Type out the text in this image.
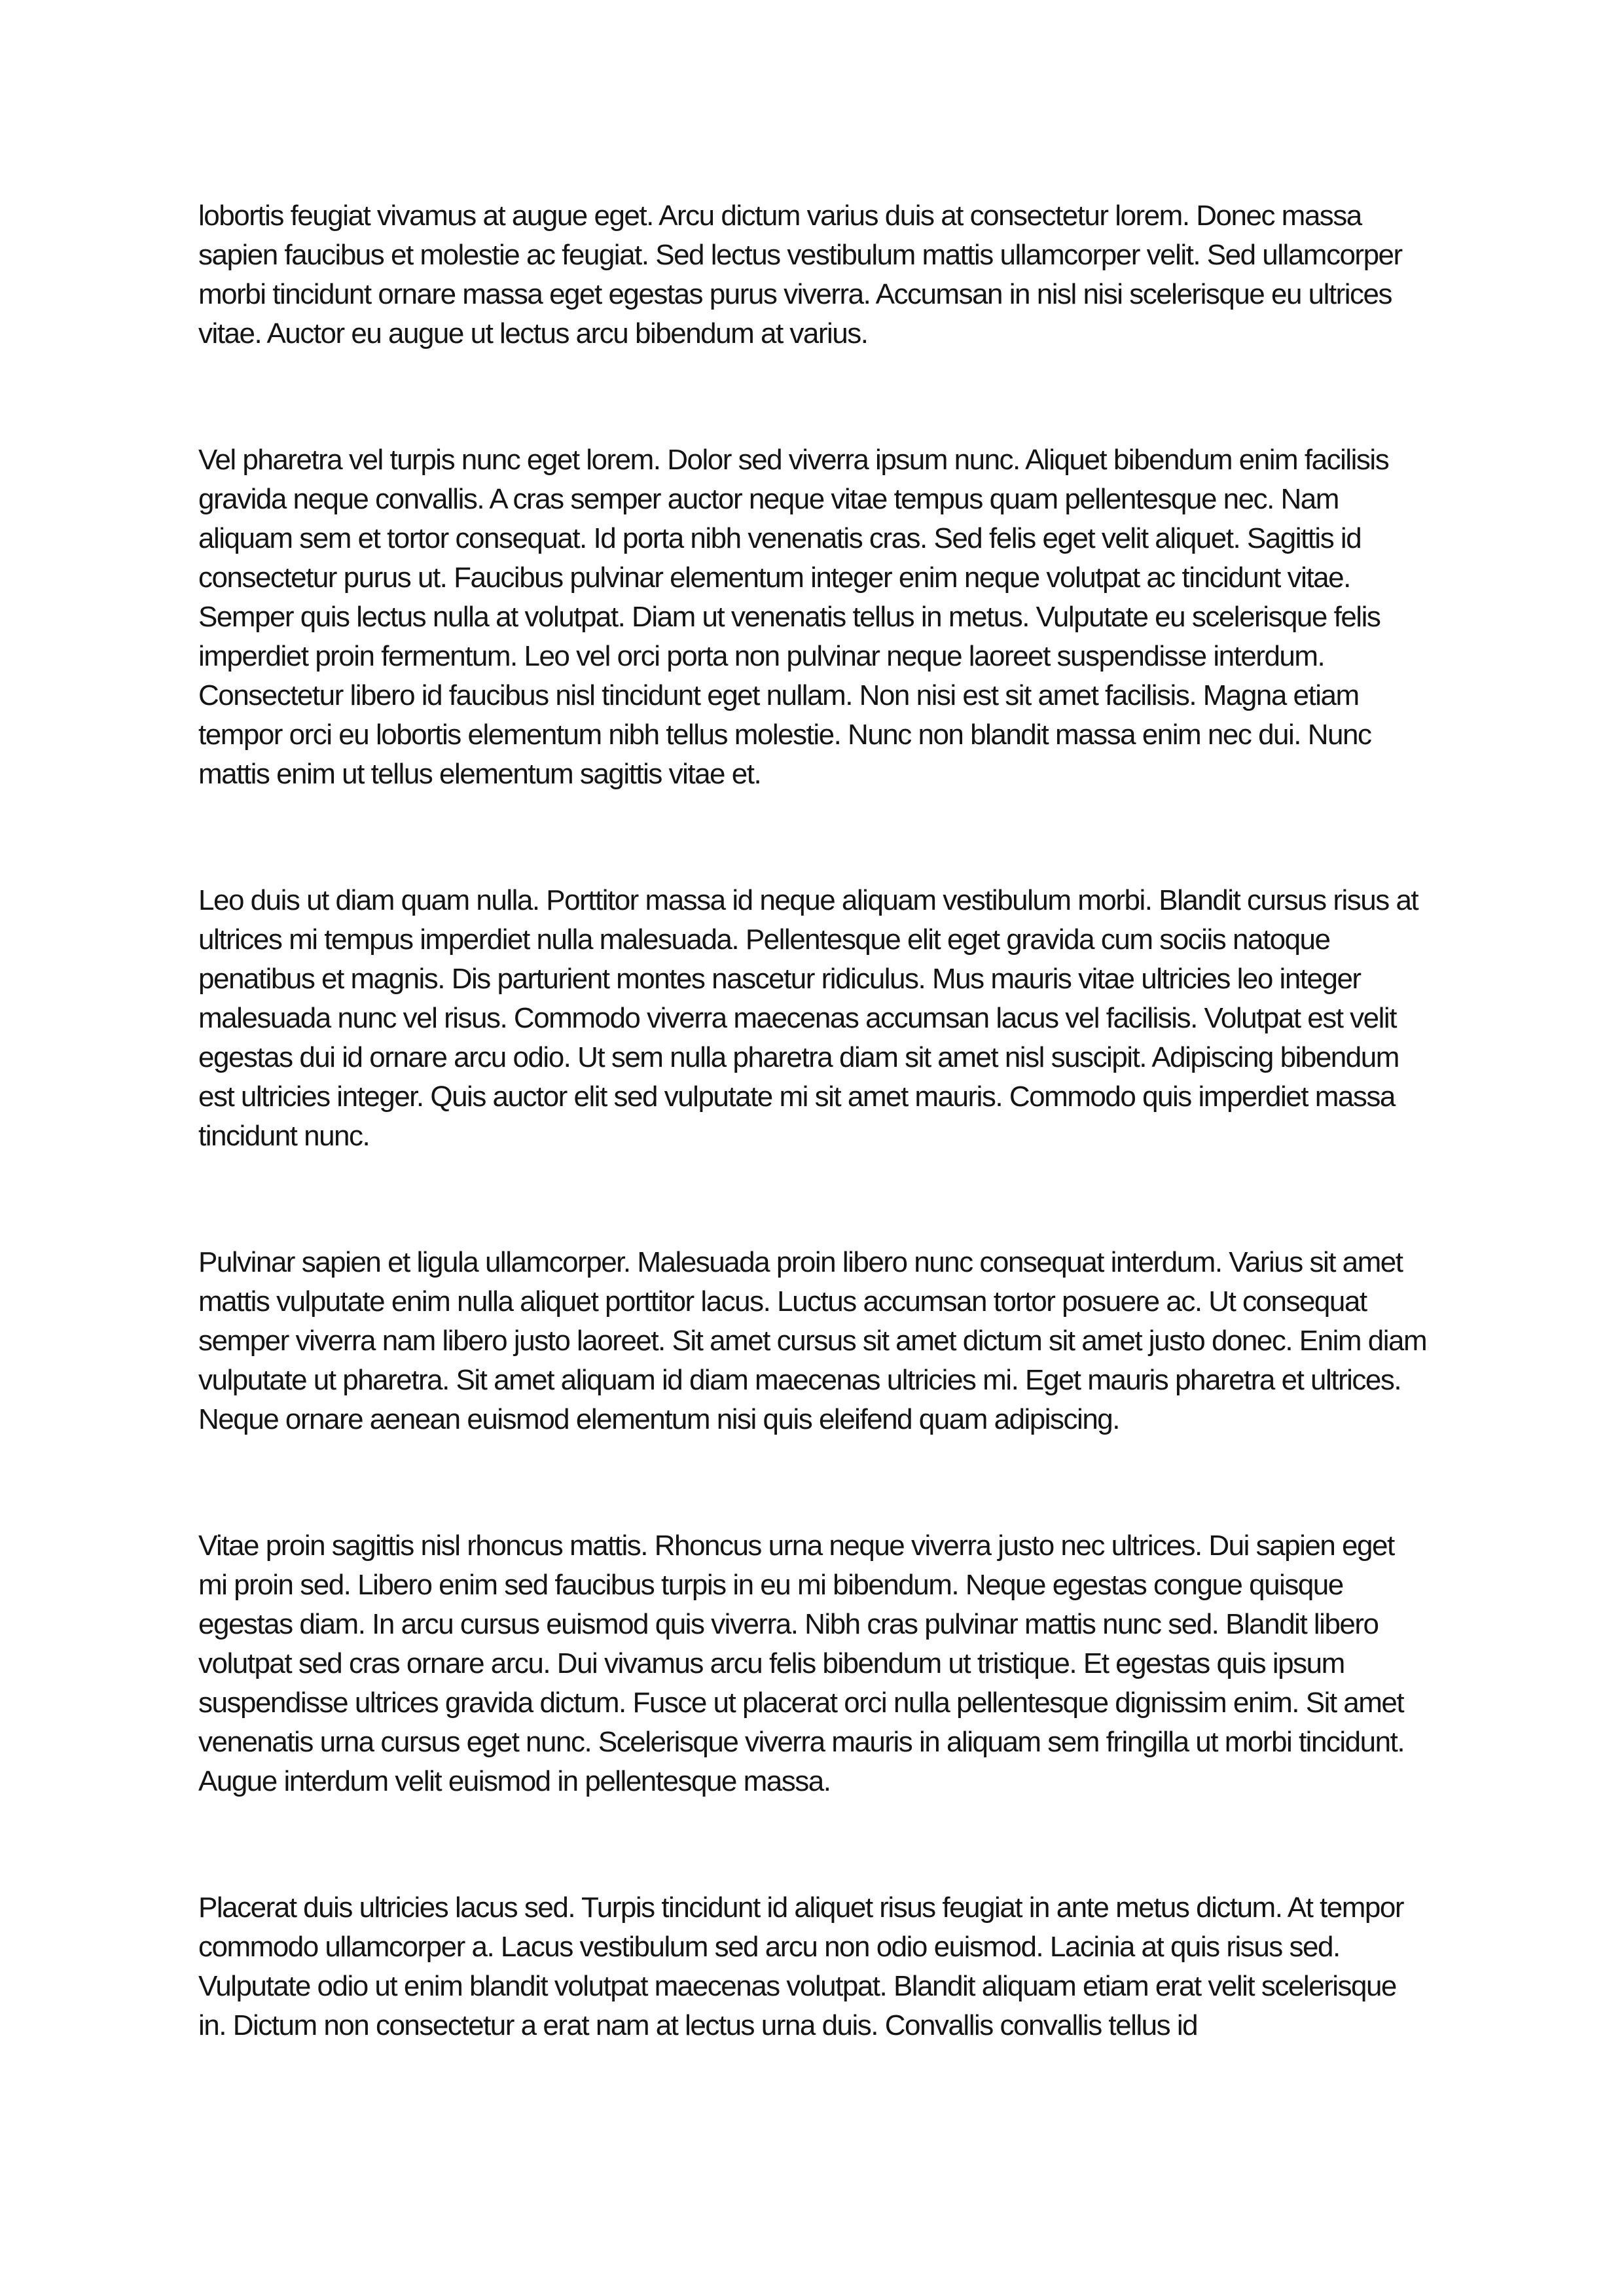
lobortis feugiat vivamus at augue eget. Arcu dictum varius duis at consectetur lorem. Donec massa sapien faucibus et molestie ac feugiat. Sed lectus vestibulum mattis ullamcorper velit. Sed ullamcorper morbi tincidunt ornare massa eget egestas purus viverra. Accumsan in nisl nisi scelerisque eu ultrices vitae. Auctor eu augue ut lectus arcu bibendum at varius.

Vel pharetra vel turpis nunc eget lorem. Dolor sed viverra ipsum nunc. Aliquet bibendum enim facilisis gravida neque convallis. A cras semper auctor neque vitae tempus quam pellentesque nec. Nam aliquam sem et tortor consequat. Id porta nibh venenatis cras. Sed felis eget velit aliquet. Sagittis id consectetur purus ut. Faucibus pulvinar elementum integer enim neque volutpat ac tincidunt vitae. Semper quis lectus nulla at volutpat. Diam ut venenatis tellus in metus. Vulputate eu scelerisque felis imperdiet proin fermentum. Leo vel orci porta non pulvinar neque laoreet suspendisse interdum. Consectetur libero id faucibus nisl tincidunt eget nullam. Non nisi est sit amet facilisis. Magna etiam tempor orci eu lobortis elementum nibh tellus molestie. Nunc non blandit massa enim nec dui. Nunc mattis enim ut tellus elementum sagittis vitae et.

Leo duis ut diam quam nulla. Porttitor massa id neque aliquam vestibulum morbi. Blandit cursus risus at ultrices mi tempus imperdiet nulla malesuada. Pellentesque elit eget gravida cum sociis natoque penatibus et magnis. Dis parturient montes nascetur ridiculus. Mus mauris vitae ultricies leo integer malesuada nunc vel risus. Commodo viverra maecenas accumsan lacus vel facilisis. Volutpat est velit egestas dui id ornare arcu odio. Ut sem nulla pharetra diam sit amet nisl suscipit. Adipiscing bibendum est ultricies integer. Quis auctor elit sed vulputate mi sit amet mauris. Commodo quis imperdiet massa tincidunt nunc.

Pulvinar sapien et ligula ullamcorper. Malesuada proin libero nunc consequat interdum. Varius sit amet mattis vulputate enim nulla aliquet porttitor lacus. Luctus accumsan tortor posuere ac. Ut consequat semper viverra nam libero justo laoreet. Sit amet cursus sit amet dictum sit amet justo donec. Enim diam vulputate ut pharetra. Sit amet aliquam id diam maecenas ultricies mi. Eget mauris pharetra et ultrices. Neque ornare aenean euismod elementum nisi quis eleifend quam adipiscing.

Vitae proin sagittis nisl rhoncus mattis. Rhoncus urna neque viverra justo nec ultrices. Dui sapien eget mi proin sed. Libero enim sed faucibus turpis in eu mi bibendum. Neque egestas congue quisque egestas diam. In arcu cursus euismod quis viverra. Nibh cras pulvinar mattis nunc sed. Blandit libero volutpat sed cras ornare arcu. Dui vivamus arcu felis bibendum ut tristique. Et egestas quis ipsum suspendisse ultrices gravida dictum. Fusce ut placerat orci nulla pellentesque dignissim enim. Sit amet venenatis urna cursus eget nunc. Scelerisque viverra mauris in aliquam sem fringilla ut morbi tincidunt. Augue interdum velit euismod in pellentesque massa.

Placerat duis ultricies lacus sed. Turpis tincidunt id aliquet risus feugiat in ante metus dictum. At tempor commodo ullamcorper a. Lacus vestibulum sed arcu non odio euismod. Lacinia at quis risus sed. Vulputate odio ut enim blandit volutpat maecenas volutpat. Blandit aliquam etiam erat velit scelerisque in. Dictum non consectetur a erat nam at lectus urna duis. Convallis convallis tellus id
